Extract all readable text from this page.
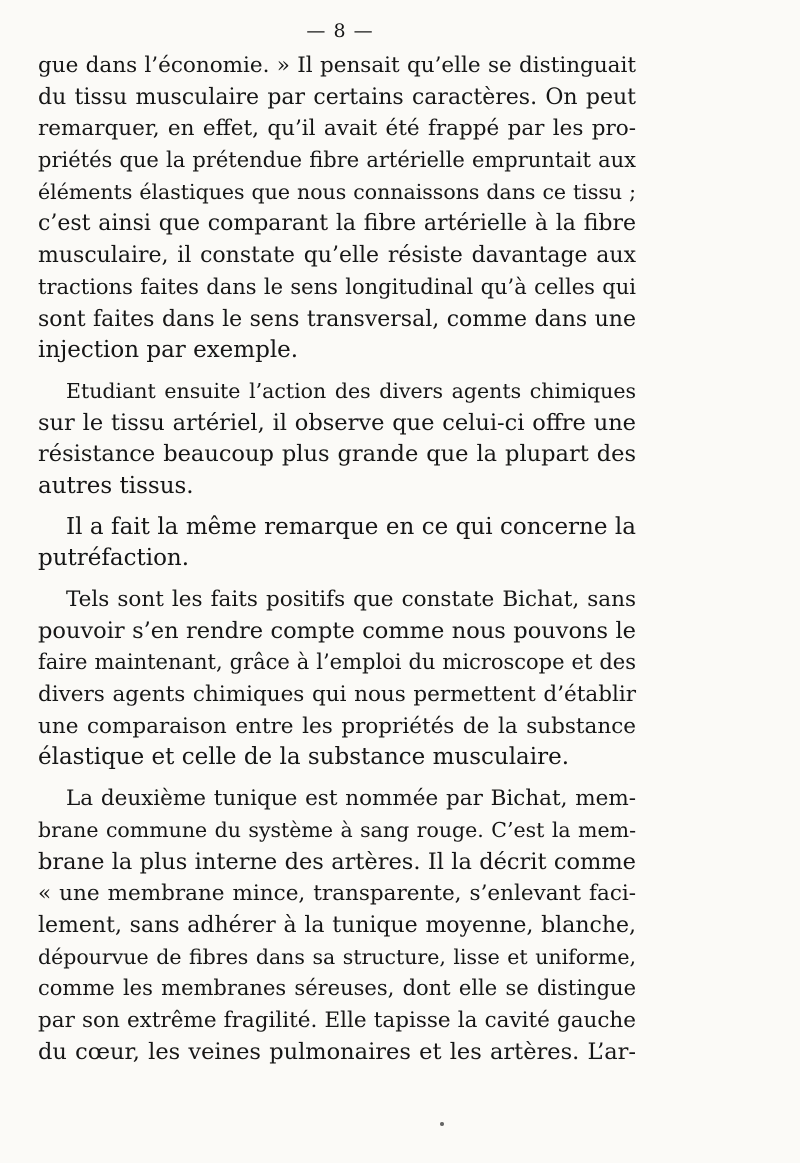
— 8 —
gue dans l’économie. » Il pensait qu’elle se distinguait
du tissu musculaire par certains caractères. On peut
remarquer, en effet, qu’il avait été frappé par les pro-
priétés que la prétendue fibre artérielle empruntait aux
éléments élastiques que nous connaissons dans ce tissu ;
c’est ainsi que comparant la fibre artérielle à la fibre
musculaire, il constate qu’elle résiste davantage aux
tractions faites dans le sens longitudinal qu’à celles qui
sont faites dans le sens transversal, comme dans une
injection par exemple.
Etudiant ensuite l’action des divers agents chimiques
sur le tissu artériel, il observe que celui-ci offre une
résistance beaucoup plus grande que la plupart des
autres tissus.
Il a fait la même remarque en ce qui concerne la
putréfaction.
Tels sont les faits positifs que constate Bichat, sans
pouvoir s’en rendre compte comme nous pouvons le
faire maintenant, grâce à l’emploi du microscope et des
divers agents chimiques qui nous permettent d’établir
une comparaison entre les propriétés de la substance
élastique et celle de la substance musculaire.
La deuxième tunique est nommée par Bichat, mem-
brane commune du système à sang rouge. C’est la mem-
brane la plus interne des artères. Il la décrit comme
« une membrane mince, transparente, s’enlevant faci-
lement, sans adhérer à la tunique moyenne, blanche,
dépourvue de fibres dans sa structure, lisse et uniforme,
comme les membranes séreuses, dont elle se distingue
par son extrême fragilité. Elle tapisse la cavité gauche
du cœur, les veines pulmonaires et les artères. L’ar-
